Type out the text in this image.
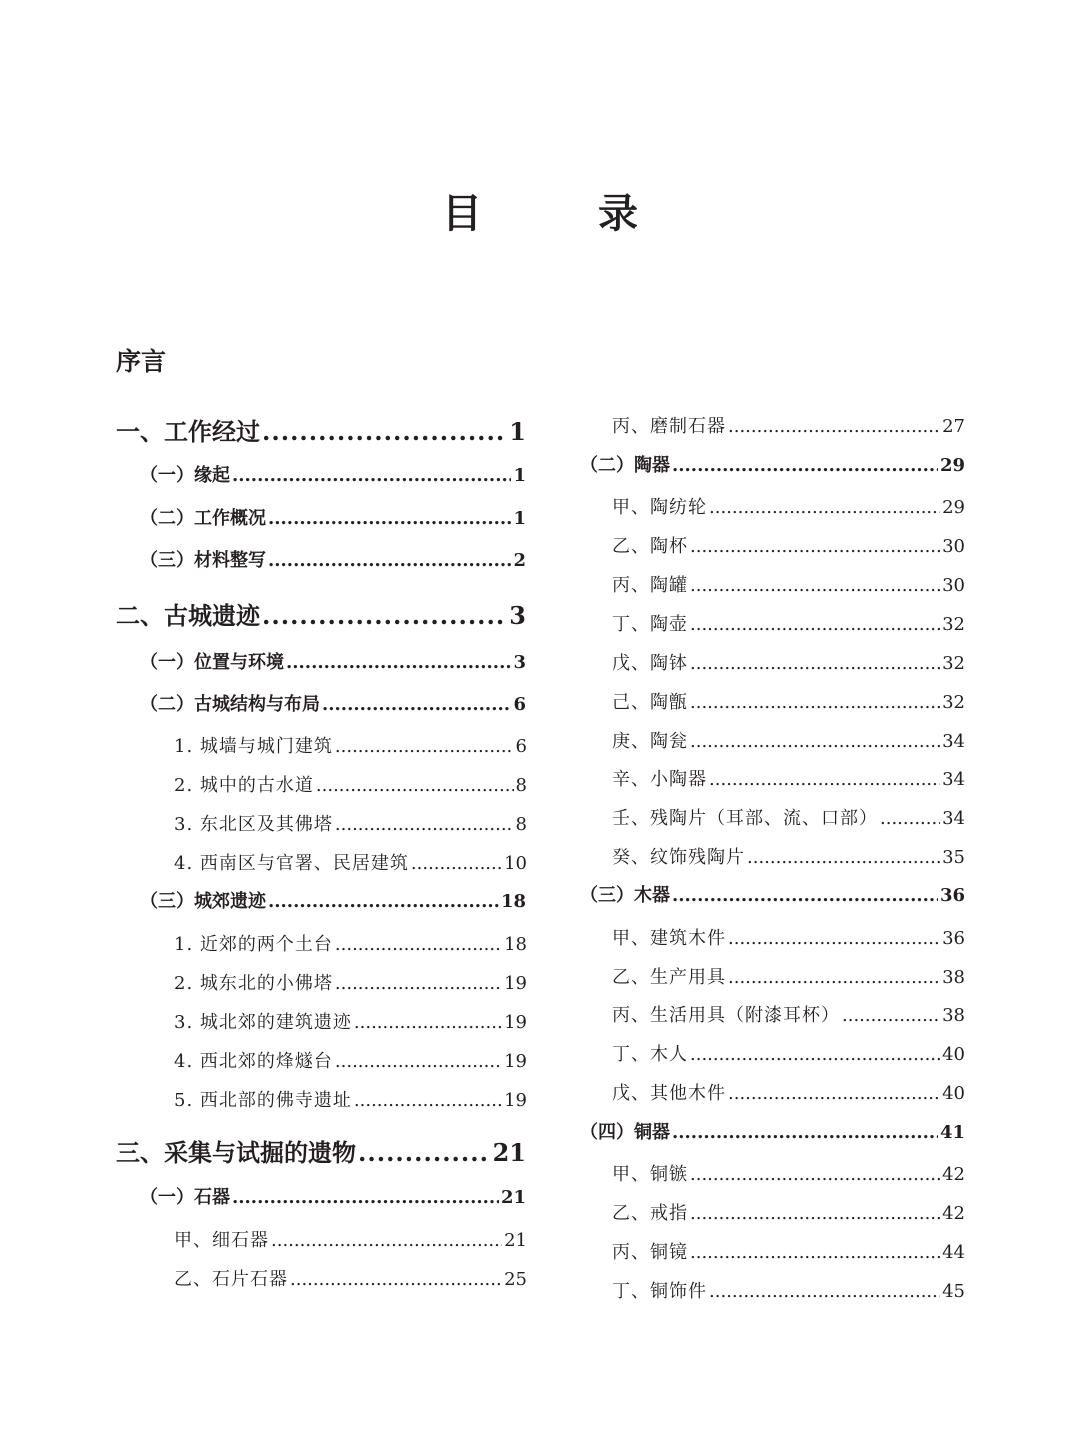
目　录
序言
一、工作经过 .....	1
（一）缘起 .....	1
（二）工作概况 .....	1
（三）材料整写 .....	2
二、古城遗迹 .....	3
（一）位置与环境 .....	3
（二）古城结构与布局 .....	6
1. 城墙与城门建筑 .....	6
2. 城中的古水道 .....	8
3. 东北区及其佛塔 .....	8
4. 西南区与官署、民居建筑 .....	10
（三）城郊遗迹 .....	18
1. 近郊的两个土台 .....	18
2. 城东北的小佛塔 .....	19
3. 城北郊的建筑遗迹 .....	19
4. 西北郊的烽燧台 .....	19
5. 西北部的佛寺遗址 .....	19
三、采集与试掘的遗物 .....	21
（一）石器 .....	21
甲、细石器 .....	21
乙、石片石器 .....	25
丙、磨制石器 .....	27
（二）陶器 .....	29
甲、陶纺轮 .....	29
乙、陶杯 .....	30
丙、陶罐 .....	30
丁、陶壶 .....	32
戊、陶钵 .....	32
己、陶甑 .....	32
庚、陶瓮 .....	34
辛、小陶器 .....	34
壬、残陶片（耳部、流、口部） .....	34
癸、纹饰残陶片 .....	35
（三）木器 .....	36
甲、建筑木件 .....	36
乙、生产用具 .....	38
丙、生活用具（附漆耳杯） .....	38
丁、木人 .....	40
戊、其他木件 .....	40
（四）铜器 .....	41
甲、铜镞 .....	42
乙、戒指 .....	42
丙、铜镜 .....	44
丁、铜饰件 .....	45
